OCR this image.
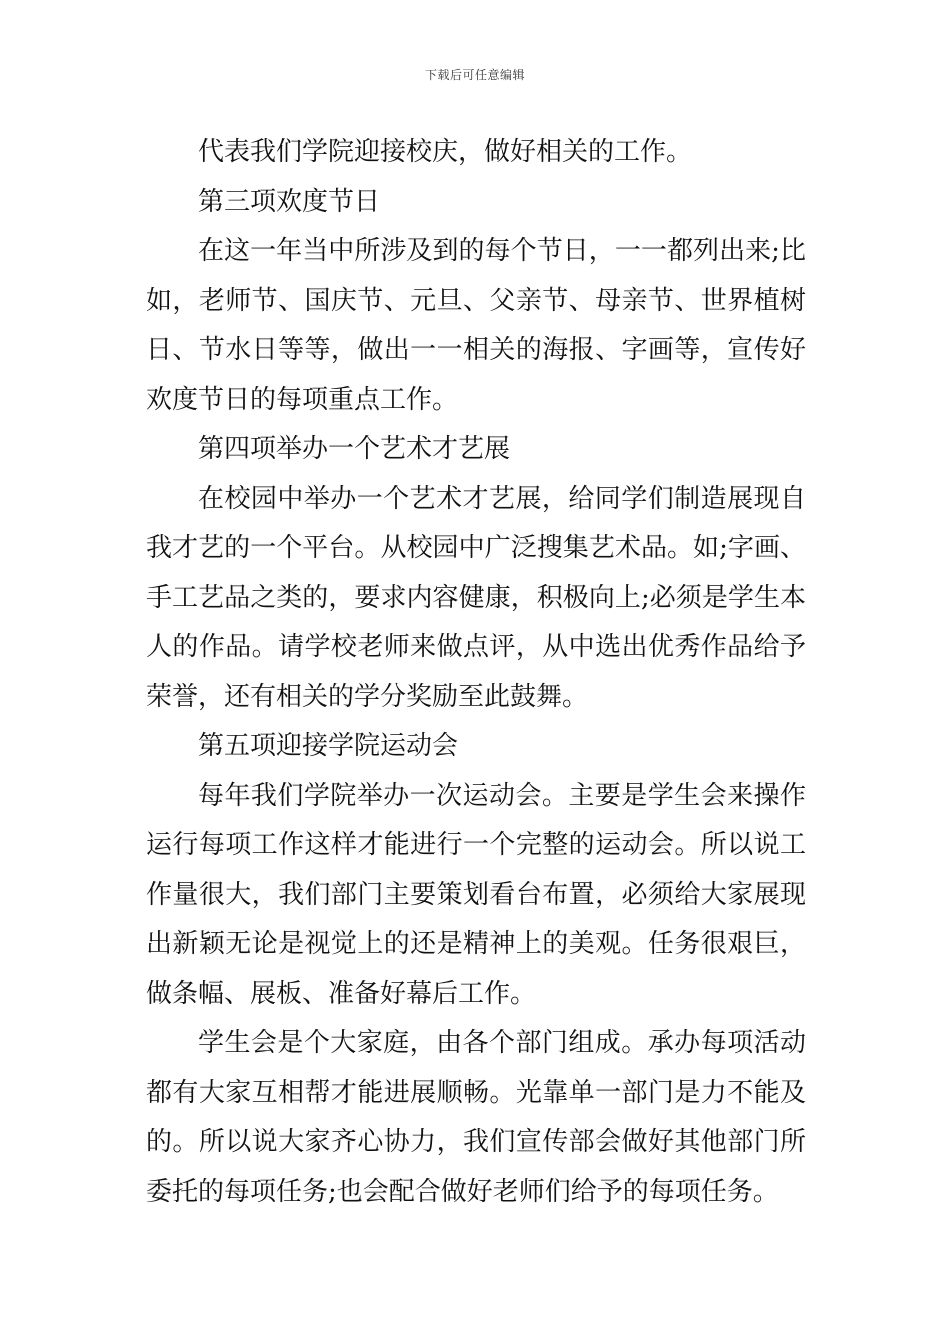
下载后可任意编辑

代表我们学院迎接校庆，做好相关的工作。

第三项欢度节日

在这一年当中所涉及到的每个节日，一一都列出来;比如，老师节、国庆节、元旦、父亲节、母亲节、世界植树日、节水日等等，做出一一相关的海报、字画等，宣传好欢度节日的每项重点工作。

第四项举办一个艺术才艺展

在校园中举办一个艺术才艺展，给同学们制造展现自我才艺的一个平台。从校园中广泛搜集艺术品。如;字画、手工艺品之类的，要求内容健康，积极向上;必须是学生本人的作品。请学校老师来做点评，从中选出优秀作品给予荣誉，还有相关的学分奖励至此鼓舞。

第五项迎接学院运动会

每年我们学院举办一次运动会。主要是学生会来操作运行每项工作这样才能进行一个完整的运动会。所以说工作量很大，我们部门主要策划看台布置，必须给大家展现出新颖无论是视觉上的还是精神上的美观。任务很艰巨，做条幅、展板、准备好幕后工作。

学生会是个大家庭，由各个部门组成。承办每项活动都有大家互相帮才能进展顺畅。光靠单一部门是力不能及的。所以说大家齐心协力，我们宣传部会做好其他部门所委托的每项任务;也会配合做好老师们给予的每项任务。
